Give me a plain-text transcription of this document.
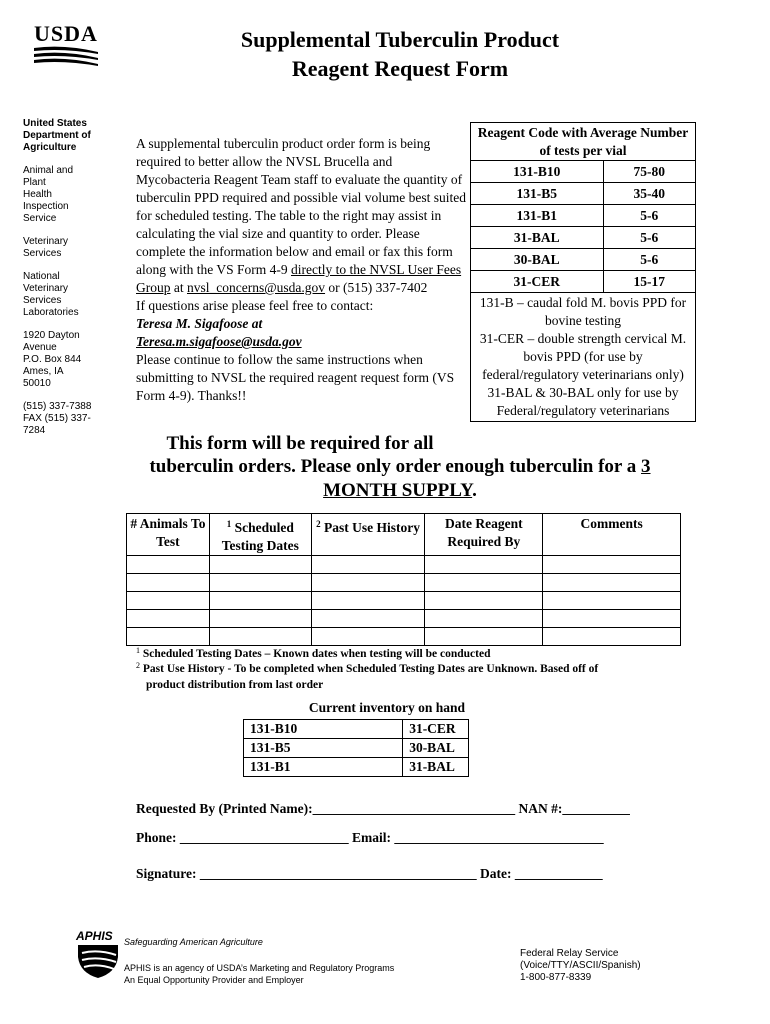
USDA	Supplemental Tuberculin Product
Reagent Request Form
United States
Department of
Agriculture
Animal and
Plant
Health
Inspection
Service
Veterinary
Services
National
Veterinary
Services
Laboratories
1920 Dayton
Avenue
P.O. Box 844
Ames, IA
50010
(515) 337-7388
FAX (515) 337-
7284
A supplemental tuberculin product order form is being required to better allow the NVSL Brucella and Mycobacteria Reagent Team staff to evaluate the quantity of tuberculin PPD required and possible vial volume best suited for scheduled testing. The table to the right may assist in calculating the vial size and quantity to order. Please complete the information below and email or fax this form along with the VS Form 4-9 directly to the NVSL User Fees Group at nvsl_concerns@usda.gov or (515) 337-7402
If questions arise please feel free to contact:
Teresa M. Sigafoose at
Teresa.m.sigafoose@usda.gov
Please continue to follow the same instructions when submitting to NVSL the required reagent request form (VS Form 4-9). Thanks!!
Reagent Code with Average Number of tests per vial	
131-B10	75-80
131-B5	35-40
131-B1	5-6
31-BAL	5-6
30-BAL	5-6
31-CER	15-17

131-B – caudal fold M. bovis PPD for bovine testing
31-CER – double strength cervical M. bovis PPD (for use by federal/regulatory veterinarians only)
31-BAL & 30-BAL only for use by Federal/regulatory veterinarians	
This form will be required for all
tuberculin orders. Please only order enough tuberculin for a 3
MONTH SUPPLY.
# Animals To Test	$^1$ Scheduled Testing Dates	$^2$ Past Use History	Date Reagent Required By	Comments

$^1$ Scheduled Testing Dates – Known dates when testing will be conducted
$^2$ Past Use History - To be completed when Scheduled Testing Dates are Unknown. Based off of
product distribution from last order
Current inventory on hand
131-B10	31-CER
131-B5	30-BAL
131-B1	31-BAL
Requested By (Printed Name):______________________________ NAN #:__________
Phone: _________________________ Email: _______________________________
Signature: _________________________________________ Date: _____________
APHIS	Safeguarding American Agriculture
APHIS is an agency of USDA’s Marketing and Regulatory Programs
An Equal Opportunity Provider and Employer
Federal Relay Service
(Voice/TTY/ASCII/Spanish)
1-800-877-8339
